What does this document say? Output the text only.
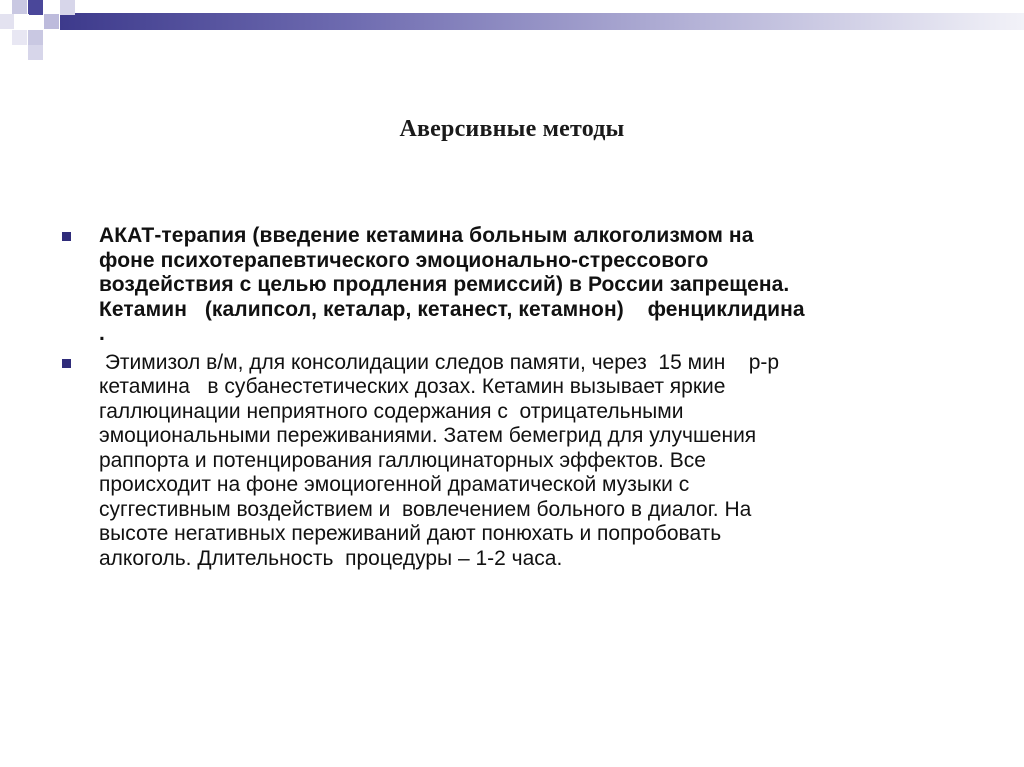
Аверсивные методы
АКАТ-терапия (введение кетамина больным алкоголизмом на
фоне психотерапевтического эмоционально-стрессового
воздействия с целью продления ремиссий) в России запрещена.
Кетамин   (калипсол, кеталар, кетанест, кетамнон)    фенциклидина
.
Этимизол в/м, для консолидации следов памяти, через  15 мин    р-р
кетамина   в субанестетических дозах. Кетамин вызывает яркие
галлюцинации неприятного содержания с  отрицательными
эмоциональными переживаниями. Затем бемегрид для улучшения
раппорта и потенцирования галлюцинаторных эффектов. Все
происходит на фоне эмоциогенной драматической музыки с
суггестивным воздействием и  вовлечением больного в диалог. На
высоте негативных переживаний дают понюхать и попробовать
алкоголь. Длительность  процедуры – 1-2 часа.
